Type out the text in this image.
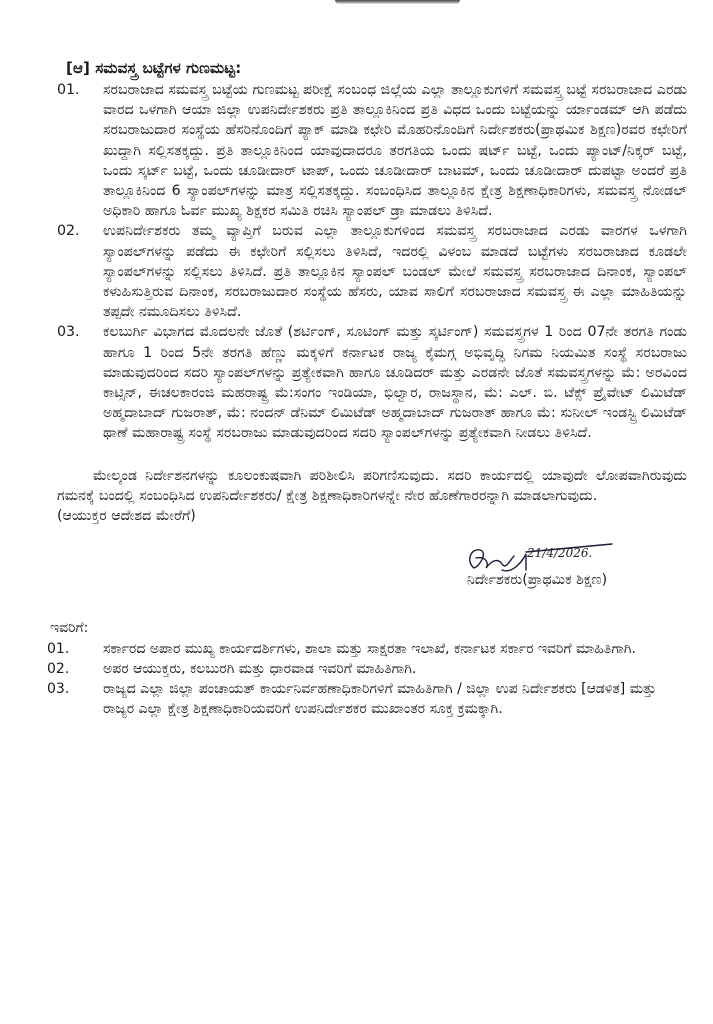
[ಆ] ಸಮವಸ್ತ್ರ ಬಟ್ಟೆಗಳ ಗುಣಮಟ್ಟ:
01.	ಸರಬರಾಜಾದ ಸಮವಸ್ತ್ರ ಬಟ್ಟೆಯ ಗುಣಮಟ್ಟ ಪರೀಕ್ಷೆ ಸಂಬಂಧ ಜಿಲ್ಲೆಯ ಎಲ್ಲಾ ತಾಲ್ಲೂಕುಗಳಿಗೆ ಸಮವಸ್ತ್ರ ಬಟ್ಟೆ ಸರಬರಾಜಾದ ಎರಡು ವಾರದ ಒಳಗಾಗಿ ಆಯಾ ಜಿಲ್ಲಾ ಉಪನಿರ್ದೇಶಕರು ಪ್ರತಿ ತಾಲ್ಲೂಕಿನಿಂದ ಪ್ರತಿ ವಿಧದ ಒಂದು ಬಟ್ಟೆಯನ್ನು ರ್ಯಾಂಡಮ್ ಆಗಿ ಪಡೆದು ಸರಬರಾಜುದಾರ ಸಂಸ್ಥೆಯ ಹೆಸರಿನೊಂದಿಗೆ ಪ್ಯಾಕ್ ಮಾಡಿ ಕಛೇರಿ ಮೊಹರಿನೊಂದಿಗೆ ನಿರ್ದೇಶಕರು(ಪ್ರಾಥಮಿಕ ಶಿಕ್ಷಣ)ರವರ ಕಛೇರಿಗೆ ಖುದ್ದಾಗಿ ಸಲ್ಲಿಸತಕ್ಕದ್ದು. ಪ್ರತಿ ತಾಲ್ಲೂಕಿನಿಂದ ಯಾವುದಾದರೂ ತರಗತಿಯ ಒಂದು ಷರ್ಟ್ ಬಟ್ಟೆ, ಒಂದು ಪ್ಯಾಂಟ್/ನಿಕ್ಕರ್ ಬಟ್ಟೆ, ಒಂದು ಸ್ಕರ್ಟ್ ಬಟ್ಟೆ, ಒಂದು ಚೂಡೀದಾರ್ ಟಾಪ್, ಒಂದು ಚೂಡೀದಾರ್ ಬಾಟಮ್, ಒಂದು ಚೂಡೀದಾರ್ ದುಪಟ್ಟಾ ಅಂದರೆ ಪ್ರತಿ ತಾಲ್ಲೂಕಿನಿಂದ 6 ಸ್ಯಾಂಪಲ್‌ಗಳನ್ನು ಮಾತ್ರ ಸಲ್ಲಿಸತಕ್ಕದ್ದು. ಸಂಬಂಧಿಸಿದ ತಾಲ್ಲೂಕಿನ ಕ್ಷೇತ್ರ ಶಿಕ್ಷಣಾಧಿಕಾರಿಗಳು, ಸಮವಸ್ತ್ರ ನೋಡಲ್ ಅಧಿಕಾರಿ ಹಾಗೂ ಓರ್ವ ಮುಖ್ಯ ಶಿಕ್ಷಕರ ಸಮಿತಿ ರಚಿಸಿ ಸ್ಯಾಂಪಲ್ ಡ್ರಾ ಮಾಡಲು ತಿಳಿಸಿದೆ.
02.	ಉಪನಿರ್ದೇಶಕರು ತಮ್ಮ ವ್ಯಾಪ್ತಿಗೆ ಬರುವ ಎಲ್ಲಾ ತಾಲ್ಲೂಕುಗಳಿಂದ ಸಮವಸ್ತ್ರ ಸರಬರಾಜಾದ ಎರಡು ವಾರಗಳ ಒಳಗಾಗಿ ಸ್ಯಾಂಪಲ್‌ಗಳನ್ನು ಪಡೆದು ಈ ಕಛೇರಿಗೆ ಸಲ್ಲಿಸಲು ತಿಳಿಸಿದೆ, ಇದರಲ್ಲಿ ವಿಳಂಬ ಮಾಡದೆ ಬಟ್ಟೆಗಳು ಸರಬರಾಜಾದ ಕೂಡಲೇ ಸ್ಯಾಂಪಲ್‌ಗಳನ್ನು ಸಲ್ಲಿಸಲು ತಿಳಿಸಿದೆ. ಪ್ರತಿ ತಾಲ್ಲೂಕಿನ ಸ್ಯಾಂಪಲ್ ಬಂಡಲ್ ಮೇಲೆ ಸಮವಸ್ತ್ರ ಸರಬರಾಜಾದ ದಿನಾಂಕ, ಸ್ಯಾಂಪಲ್ ಕಳುಹಿಸುತ್ತಿರುವ ದಿನಾಂಕ, ಸರಬರಾಜುದಾರ ಸಂಸ್ಥೆಯ ಹೆಸರು, ಯಾವ ಸಾಲಿಗೆ ಸರಬರಾಜಾದ ಸಮವಸ್ತ್ರ ಈ ಎಲ್ಲಾ ಮಾಹಿತಿಯನ್ನು ತಪ್ಪದೇ ನಮೂದಿಸಲು ತಿಳಿಸಿದೆ.
03.	ಕಲಬುರ್ಗಿ ವಿಭಾಗದ ಮೊದಲನೇ ಜೊತೆ (ಶರ್ಟಿಂಗ್, ಸೂಟಿಂಗ್ ಮತ್ತು ಸ್ಕರ್ಟಿಂಗ್) ಸಮವಸ್ತ್ರಗಳ 1 ರಿಂದ 07ನೇ ತರಗತಿ ಗಂಡು ಹಾಗೂ 1 ರಿಂದ 5ನೇ ತರಗತಿ ಹೆಣ್ಣು ಮಕ್ಕಳಿಗೆ ಕರ್ನಾಟಕ ರಾಜ್ಯ ಕೈಮಗ್ಗ ಅಭಿವೃದ್ಧಿ ನಿಗಮ ನಿಯಮಿತ ಸಂಸ್ಥೆ ಸರಬರಾಜು ಮಾಡುವುದರಿಂದ ಸದರಿ ಸ್ಯಾಂಪಲ್‌ಗಳನ್ನು ಪ್ರತ್ಯೇಕವಾಗಿ ಹಾಗೂ ಚೂಡಿದರ್ ಮತ್ತು ಎರಡನೇ ಜೊತೆ ಸಮವಸ್ತ್ರಗಳನ್ನು ಮೆ: ಅರವಿಂದ ಕಾಟ್ಸಿನ್, ಈಚಲಕಾರಂಜಿ ಮಹರಾಷ್ಟ್ರ ಮೆ:ಸಂಗಂ ಇಂಡಿಯಾ, ಭಿಲ್ವಾರ, ರಾಜಸ್ಥಾನ, ಮೆ: ಎಲ್. ಬಿ. ಟೆಕ್ಸ್ ಪ್ರೈವೇಟ್ ಲಿಮಿಟೆಡ್ ಅಹ್ಮದಾಬಾದ್ ಗುಜರಾತ್, ಮೆ: ನಂದನ್ ಡೆನಿಮ್ ಲಿಮಿಟೆಡ್ ಅಹ್ಮದಾಬಾದ್ ಗುಜರಾತ್ ಹಾಗೂ ಮೆ: ಸುನೀಲ್ ಇಂಡಸ್ಟ್ರಿ ಲಿಮಿಟೆಡ್ ಥಾಣೆ ಮಹಾರಾಷ್ಟ್ರ ಸಂಸ್ಥೆ ಸರಬರಾಜು ಮಾಡುವುದರಿಂದ ಸದರಿ ಸ್ಯಾಂಪಲ್‌ಗಳನ್ನು ಪ್ರತ್ಯೇಕವಾಗಿ ನೀಡಲು ತಿಳಿಸಿದೆ.
ಮೇಲ್ಕಂಡ ನಿರ್ದೇಶನಗಳನ್ನು ಕೂಲಂಕುಷವಾಗಿ ಪರಿಶೀಲಿಸಿ ಪರಿಗಣಿಸುವುದು. ಸದರಿ ಕಾರ್ಯದಲ್ಲಿ ಯಾವುದೇ ಲೋಪವಾಗಿರುವುದು ಗಮನಕ್ಕೆ ಬಂದಲ್ಲಿ ಸಂಬಂಧಿಸಿದ ಉಪನಿರ್ದೇಶಕರು/ ಕ್ಷೇತ್ರ ಶಿಕ್ಷಣಾಧಿಕಾರಿಗಳನ್ನೇ ನೇರ ಹೊಣೆಗಾರರನ್ನಾಗಿ ಮಾಡಲಾಗುವುದು.
(ಆಯುಕ್ತರ ಆದೇಶದ ಮೇರೆಗೆ)
21/4/2026.
ನಿರ್ದೇಶಕರು(ಪ್ರಾಥಮಿಕ ಶಿಕ್ಷಣ)
ಇವರಿಗೆ:
01.	ಸರ್ಕಾರದ ಅಪಾರ ಮುಖ್ಯ ಕಾರ್ಯದರ್ಶಿಗಳು, ಶಾಲಾ ಮತ್ತು ಸಾಕ್ಷರತಾ ಇಲಾಖೆ, ಕರ್ನಾಟಕ ಸರ್ಕಾರ ಇವರಿಗೆ ಮಾಹಿತಿಗಾಗಿ.
02.	ಅಪರ ಆಯುಕ್ತರು, ಕಲಬುರಗಿ ಮತ್ತು ಧಾರವಾಡ ಇವರಿಗೆ ಮಾಹಿತಿಗಾಗಿ.
03.	ರಾಜ್ಯದ ಎಲ್ಲಾ ಜಿಲ್ಲಾ ಪಂಚಾಯತ್ ಕಾರ್ಯನಿರ್ವಹಣಾಧಿಕಾರಿಗಳಿಗೆ ಮಾಹಿತಿಗಾಗಿ / ಜಿಲ್ಲಾ ಉಪ ನಿರ್ದೇಶಕರು [ಆಡಳಿತ] ಮತ್ತು ರಾಜ್ಯರ ಎಲ್ಲಾ ಕ್ಷೇತ್ರ ಶಿಕ್ಷಣಾಧಿಕಾರಿಯವರಿಗೆ ಉಪನಿರ್ದೇಶಕರ ಮುಖಾಂತರ ಸೂಕ್ತ ಕ್ರಮಕ್ಕಾಗಿ.
